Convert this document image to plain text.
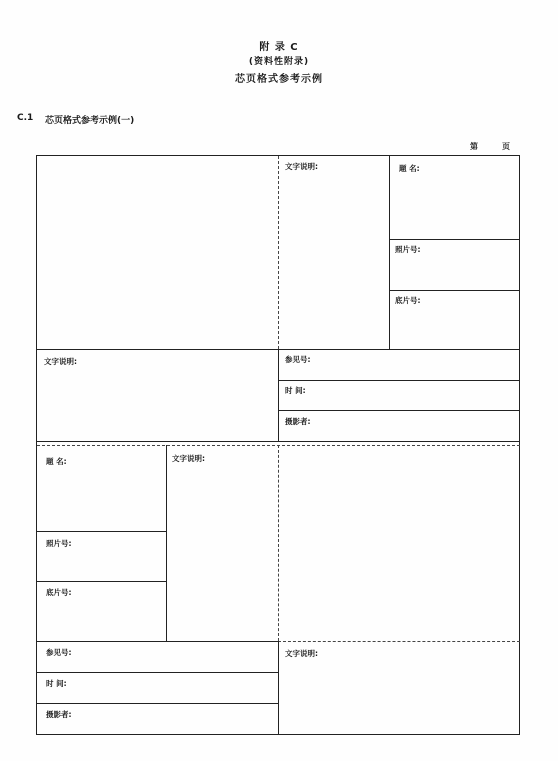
附 录 C
(资料性附录)
芯页格式参考示例
C.1 芯页格式参考示例(一)
第	页
文字说明:	题 名:
照片号:
底片号:
文字说明:	参见号:
时 间:
摄影者:
题 名:	文字说明:
照片号:
底片号:
参见号:
时 间:
摄影者:
文字说明:
